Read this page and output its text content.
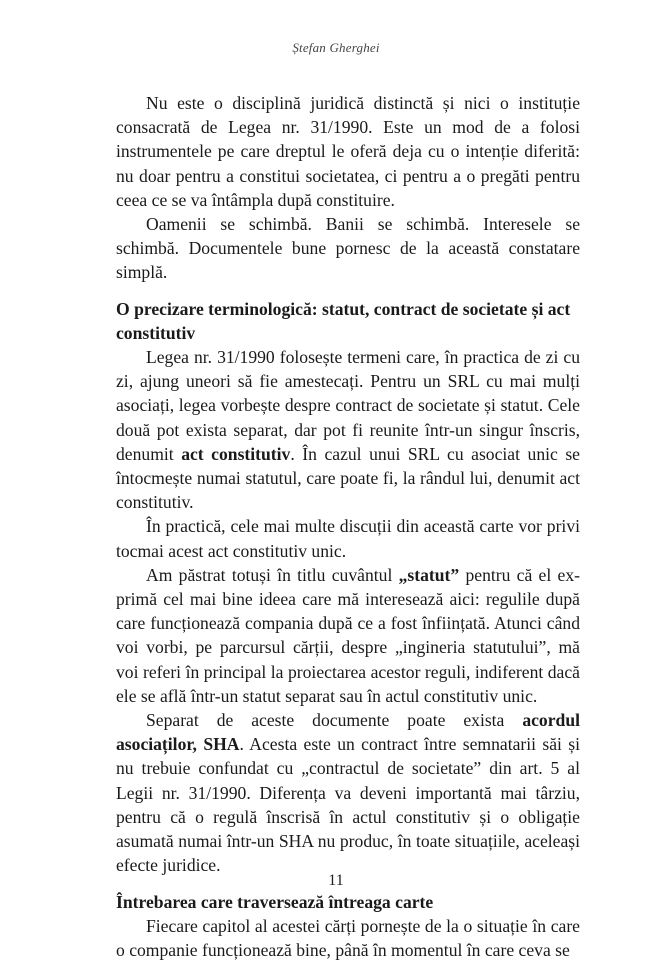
Ștefan Gherghei

Nu este o disciplină juridică distinctă și nici o instituție consacrată de Legea nr. 31/1990. Este un mod de a folosi instrumentele pe care dreptul le oferă deja cu o intenție diferită: nu doar pentru a constitui societatea, ci pentru a o pregăti pentru ceea ce se va întâmpla după constituire.

Oamenii se schimbă. Banii se schimbă. Interesele se schimbă. Documentele bune pornesc de la această constatare simplă.

O precizare terminologică: statut, contract de societate și act constitutiv

Legea nr. 31/1990 folosește termeni care, în practica de zi cu zi, ajung uneori să fie amestecați. Pentru un SRL cu mai mulți asociați, legea vorbește despre contract de societate și statut. Cele două pot exista separat, dar pot fi reunite într-un singur înscris, denumit act constitutiv. În cazul unui SRL cu asociat unic se întocmește numai statutul, care poate fi, la rândul lui, denumit act constitutiv.

În practică, cele mai multe discuții din această carte vor privi tocmai acest act constitutiv unic.

Am păstrat totuși în titlu cuvântul „statut” pentru că el exprimă cel mai bine ideea care mă interesează aici: regulile după care funcționează compania după ce a fost înființată. Atunci când voi vorbi, pe parcursul cărții, despre „ingineria statutului”, mă voi referi în principal la proiectarea acestor reguli, indiferent dacă ele se află într-un statut separat sau în actul constitutiv unic.

Separat de aceste documente poate exista acordul asociaților, SHA. Acesta este un contract între semnatarii săi și nu trebuie confundat cu „contractul de societate” din art. 5 al Legii nr. 31/1990. Diferența va deveni importantă mai târziu, pentru că o regulă înscrisă în actul constitutiv și o obligație asumată numai într-un SHA nu produc, în toate situațiile, aceleași efecte juridice.

Întrebarea care traversează întreaga carte

Fiecare capitol al acestei cărți pornește de la o situație în care o companie funcționează bine, până în momentul în care ceva se

11
